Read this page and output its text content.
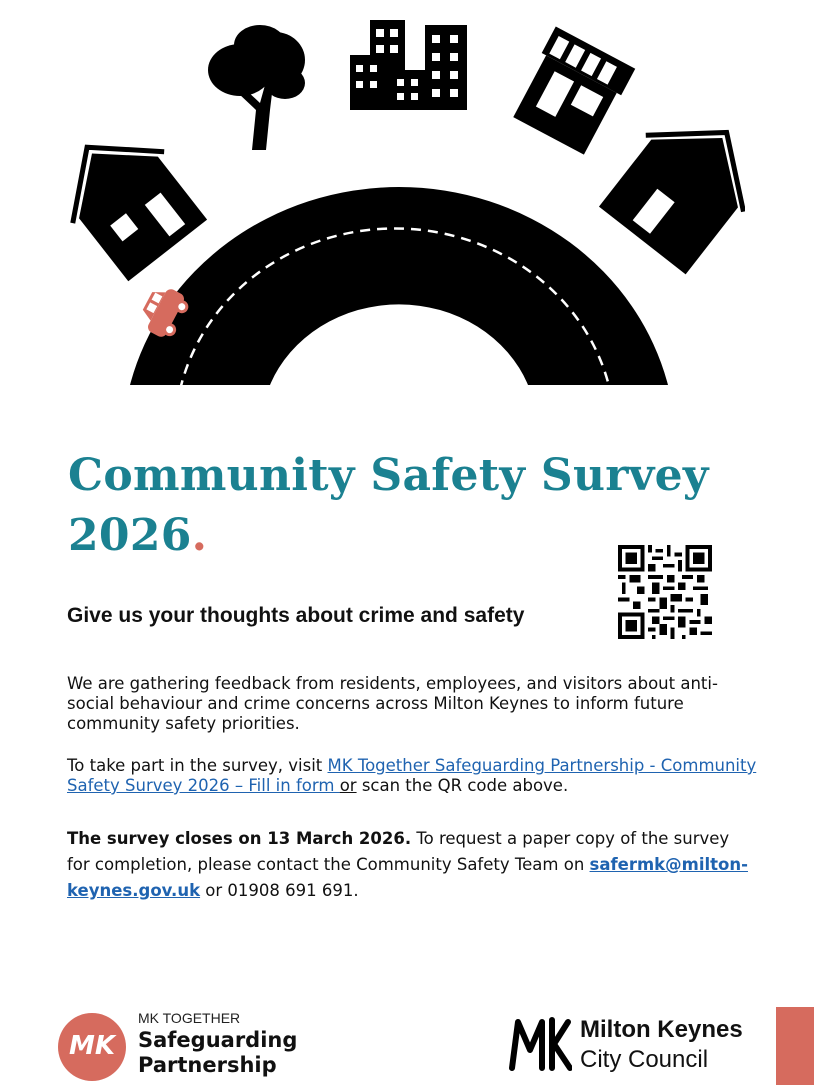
Community Safety Survey 2026.
Give us your thoughts about crime and safety

We are gathering feedback from residents, employees, and visitors about anti-social behaviour and crime concerns across Milton Keynes to inform future community safety priorities.

To take part in the survey, visit MK Together Safeguarding Partnership - Community Safety Survey 2026 – Fill in form or scan the QR code above.

The survey closes on 13 March 2026. To request a paper copy of the survey for completion, please contact the Community Safety Team on safermk@milton-keynes.gov.uk or 01908 691 691.

MK
MK TOGETHER
Safeguarding
Partnership
Milton Keynes
City Council
